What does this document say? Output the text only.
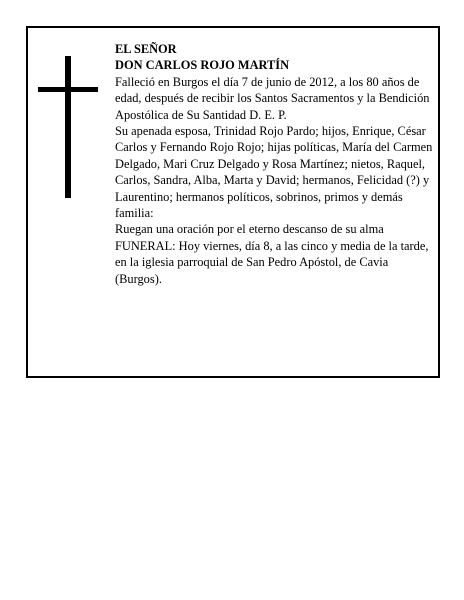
EL SEÑOR

DON CARLOS ROJO MARTÍN

Falleció en Burgos el día 7 de junio de 2012, a los 80 años de edad, después de recibir los Santos Sacramentos y la Bendición Apostólica de Su Santidad D. E. P.

Su apenada esposa, Trinidad Rojo Pardo; hijos, Enrique, César Carlos y Fernando Rojo Rojo; hijas políticas, María del Carmen Delgado, Mari Cruz Delgado y Rosa Martínez; nietos, Raquel, Carlos, Sandra, Alba, Marta y David; hermanos, Felicidad (?) y Laurentino; hermanos políticos, sobrinos, primos y demás familia:

Ruegan una oración por el eterno descanso de su alma

FUNERAL: Hoy viernes, día 8, a las cinco y media de la tarde, en la iglesia parroquial de San Pedro Apóstol, de Cavia (Burgos).
